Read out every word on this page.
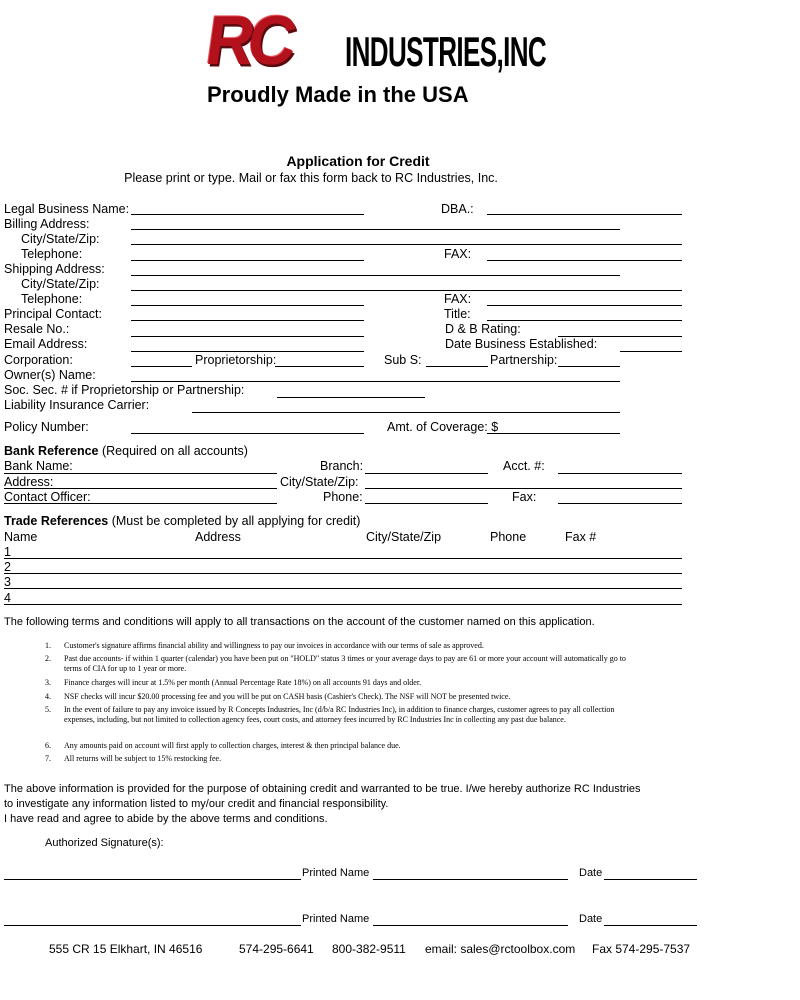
RC INDUSTRIES,INC
Proudly Made in the USA
Application for Credit
Please print or type. Mail or fax this form back to RC Industries, Inc.
Legal Business Name:	DBA.:
Billing Address:
City/State/Zip:
Telephone:	FAX:
Shipping Address:
City/State/Zip:
Telephone:	FAX:
Principal Contact:	Title:
Resale No.:	D & B Rating:
Email Address:	Date Business Established:
Corporation:	Proprietorship:	Sub S:	Partnership:
Owner(s) Name:
Soc. Sec. # if Proprietorship or Partnership:
Liability Insurance Carrier:
Policy Number:	Amt. of Coverage: $
Bank Reference (Required on all accounts)
Bank Name:	Branch:	Acct. #:
Address:	City/State/Zip:
Contact Officer:	Phone:	Fax:
Trade References (Must be completed by all applying for credit)
Name	Address	City/State/Zip	Phone	Fax #
1
2
3
4
The following terms and conditions will apply to all transactions on the account of the customer named on this application.
1. Customer's signature affirms financial ability and willingness to pay our invoices in accordance with our terms of sale as approved.
2. Past due accounts- if within 1 quarter (calendar) you have been put on "HOLD" status 3 times or your average days to pay are 61 or more your account will automatically go to terms of CIA for up to 1 year or more.
3. Finance charges will incur at 1.5% per month (Annual Percentage Rate 18%) on all accounts 91 days and older.
4. NSF checks will incur $20.00 processing fee and you will be put on CASH basis (Cashier's Check). The NSF will NOT be presented twice.
5. In the event of failure to pay any invoice issued by R Concepts Industries, Inc (d/b/a RC Industries Inc), in addition to finance charges, customer agrees to pay all collection expenses, including, but not limited to collection agency fees, court costs, and attorney fees incurred by RC Industries Inc in collecting any past due balance.
6. Any amounts paid on account will first apply to collection charges, interest & then principal balance due.
7. All returns will be subject to 15% restocking fee.
The above information is provided for the purpose of obtaining credit and warranted to be true. I/we hereby authorize RC Industries
to investigate any information listed to my/our credit and financial responsibility.
I have read and agree to abide by the above terms and conditions.
Authorized Signature(s):
Printed Name	Date
Printed Name	Date
555 CR 15 Elkhart, IN 46516	574-295-6641 800-382-9511 email: sales@rctoolbox.com Fax 574-295-7537
